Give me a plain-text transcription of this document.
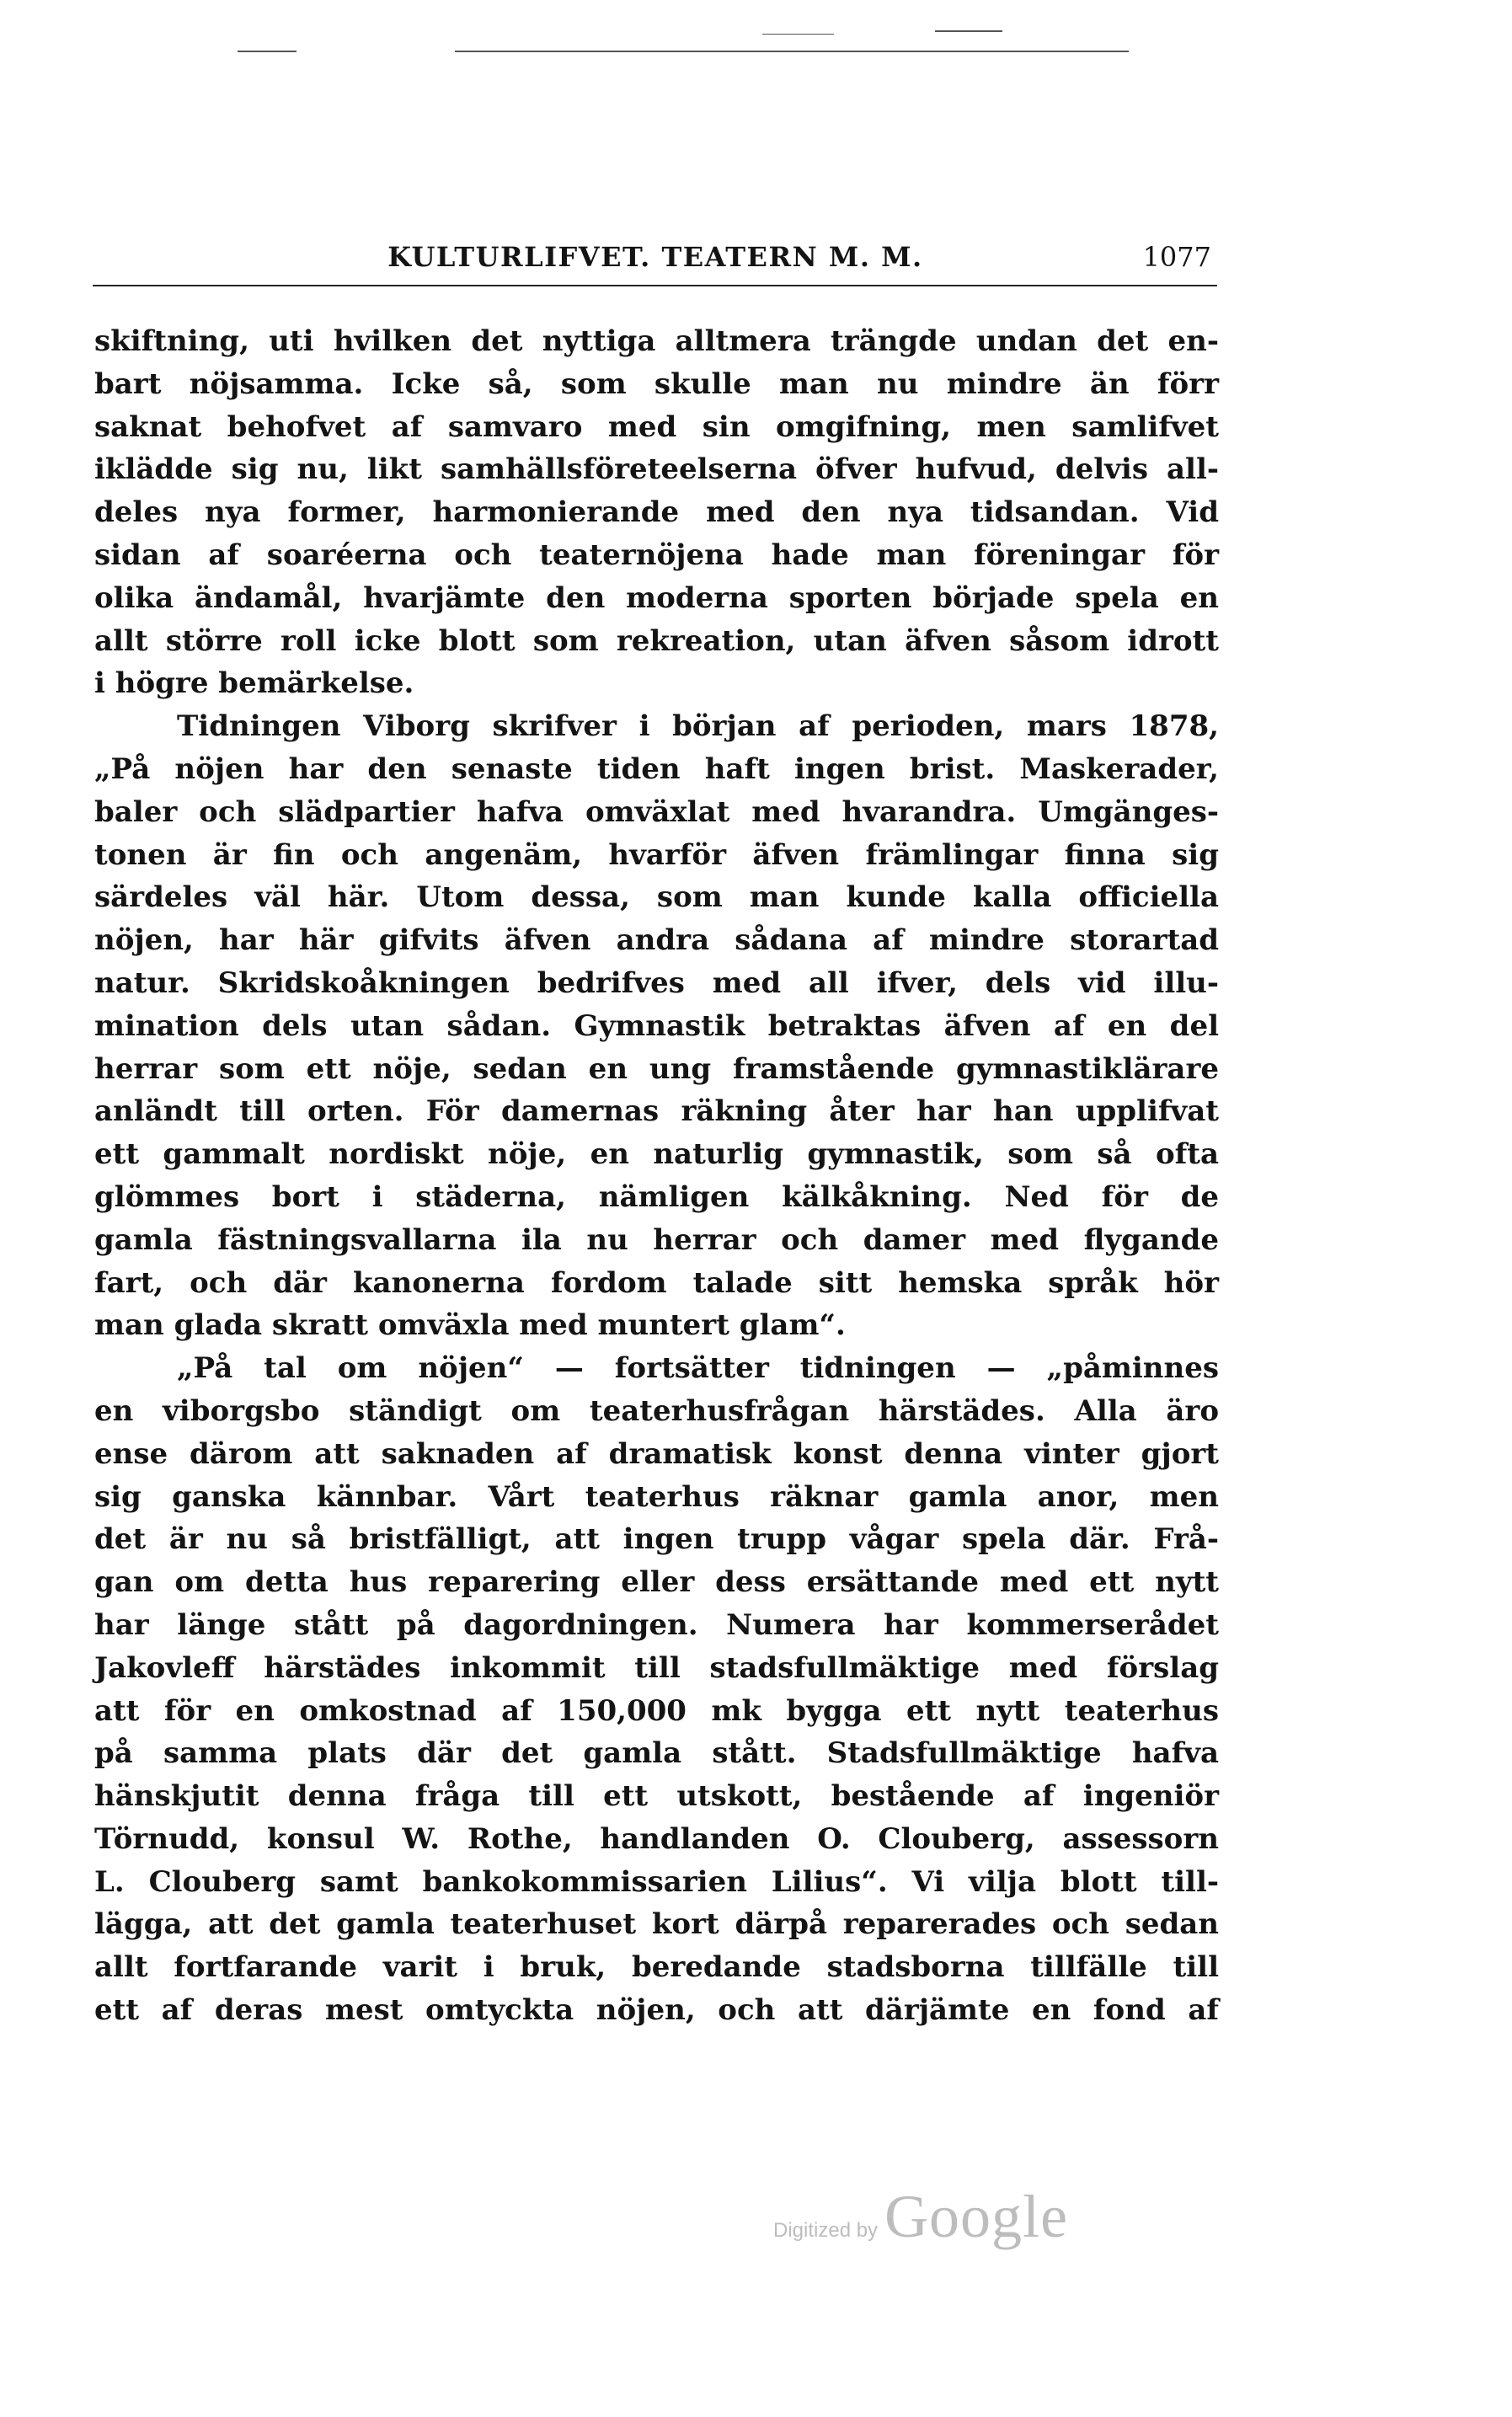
KULTURLIFVET. TEATERN M. M.	1077
skiftning, uti hvilken det nyttiga alltmera trängde undan det en-
bart nöjsamma. Icke så, som skulle man nu mindre än förr
saknat behofvet af samvaro med sin omgifning, men samlifvet
iklädde sig nu, likt samhällsföreteelserna öfver hufvud, delvis all-
deles nya former, harmonierande med den nya tidsandan. Vid
sidan af soaréerna och teaternöjena hade man föreningar för
olika ändamål, hvarjämte den moderna sporten började spela en
allt större roll icke blott som rekreation, utan äfven såsom idrott
i högre bemärkelse.
Tidningen Viborg skrifver i början af perioden, mars 1878,
„På nöjen har den senaste tiden haft ingen brist. Maskerader,
baler och slädpartier hafva omväxlat med hvarandra. Umgänges-
tonen är fin och angenäm, hvarför äfven främlingar finna sig
särdeles väl här. Utom dessa, som man kunde kalla officiella
nöjen, har här gifvits äfven andra sådana af mindre storartad
natur. Skridskoåkningen bedrifves med all ifver, dels vid illu-
mination dels utan sådan. Gymnastik betraktas äfven af en del
herrar som ett nöje, sedan en ung framstående gymnastiklärare
anländt till orten. För damernas räkning åter har han upplifvat
ett gammalt nordiskt nöje, en naturlig gymnastik, som så ofta
glömmes bort i städerna, nämligen kälkåkning. Ned för de
gamla fästningsvallarna ila nu herrar och damer med flygande
fart, och där kanonerna fordom talade sitt hemska språk hör
man glada skratt omväxla med muntert glam“.
„På tal om nöjen“ — fortsätter tidningen — „påminnes
en viborgsbo ständigt om teaterhusfrågan härstädes. Alla äro
ense därom att saknaden af dramatisk konst denna vinter gjort
sig ganska kännbar. Vårt teaterhus räknar gamla anor, men
det är nu så bristfälligt, att ingen trupp vågar spela där. Frå-
gan om detta hus reparering eller dess ersättande med ett nytt
har länge stått på dagordningen. Numera har kommerserådet
Jakovleff härstädes inkommit till stadsfullmäktige med förslag
att för en omkostnad af 150,000 mk bygga ett nytt teaterhus
på samma plats där det gamla stått. Stadsfullmäktige hafva
hänskjutit denna fråga till ett utskott, bestående af ingeniör
Törnudd, konsul W. Rothe, handlanden O. Clouberg, assessorn
L. Clouberg samt bankokommissarien Lilius“. Vi vilja blott till-
lägga, att det gamla teaterhuset kort därpå reparerades och sedan
allt fortfarande varit i bruk, beredande stadsborna tillfälle till
ett af deras mest omtyckta nöjen, och att därjämte en fond af
Digitized by Google
